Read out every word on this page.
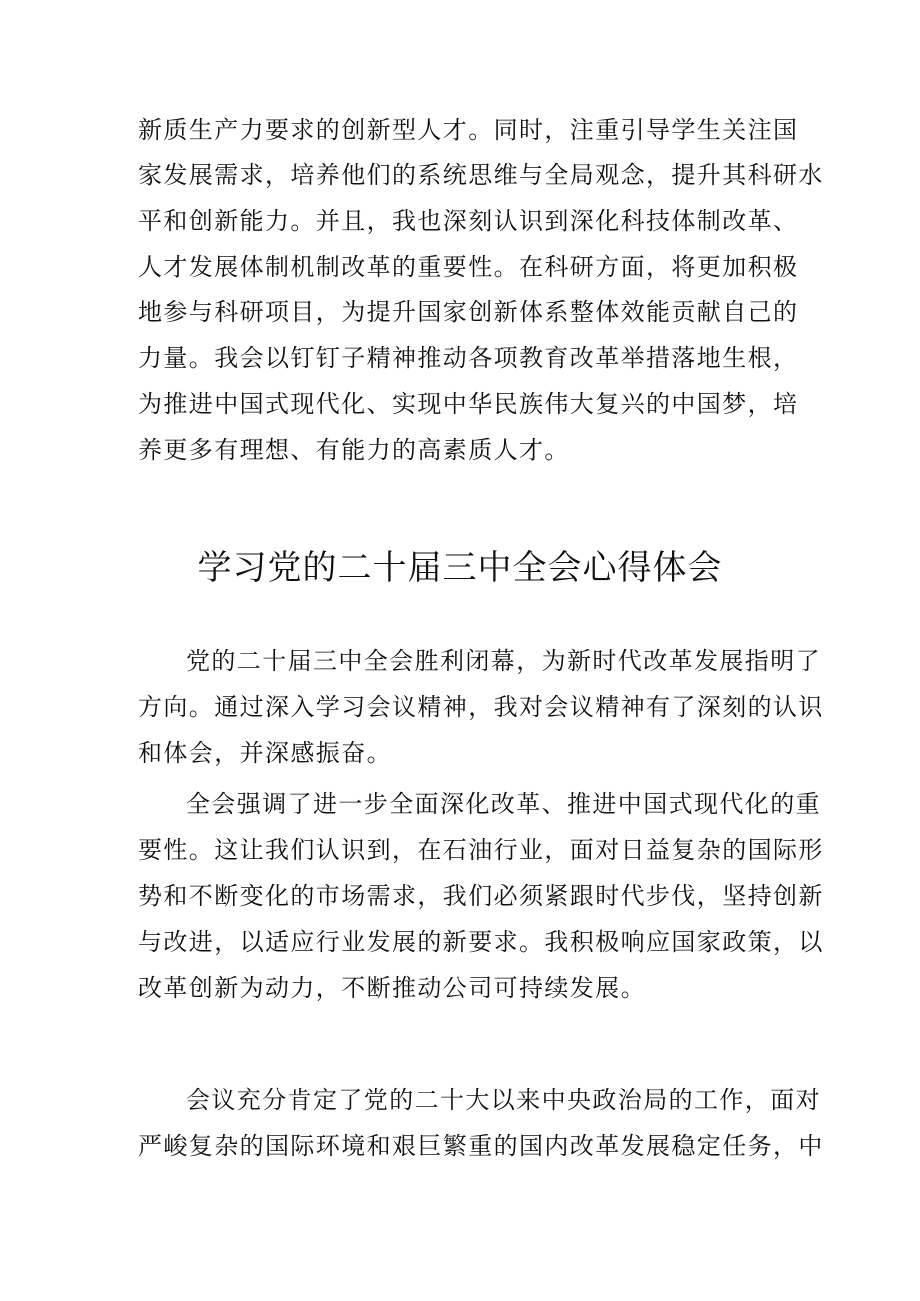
新质生产力要求的创新型人才。同时，注重引导学生关注国
家发展需求，培养他们的系统思维与全局观念，提升其科研水
平和创新能力。并且，我也深刻认识到深化科技体制改革、
人才发展体制机制改革的重要性。在科研方面，将更加积极
地参与科研项目，为提升国家创新体系整体效能贡献自己的
力量。我会以钉钉子精神推动各项教育改革举措落地生根，
为推进中国式现代化、实现中华民族伟大复兴的中国梦，培
养更多有理想、有能力的高素质人才。
学习党的二十届三中全会心得体会
党的二十届三中全会胜利闭幕，为新时代改革发展指明了
方向。通过深入学习会议精神，我对会议精神有了深刻的认识
和体会，并深感振奋。
全会强调了进一步全面深化改革、推进中国式现代化的重
要性。这让我们认识到，在石油行业，面对日益复杂的国际形
势和不断变化的市场需求，我们必须紧跟时代步伐，坚持创新
与改进，以适应行业发展的新要求。我积极响应国家政策，以
改革创新为动力，不断推动公司可持续发展。
会议充分肯定了党的二十大以来中央政治局的工作，面对
严峻复杂的国际环境和艰巨繁重的国内改革发展稳定任务，中
